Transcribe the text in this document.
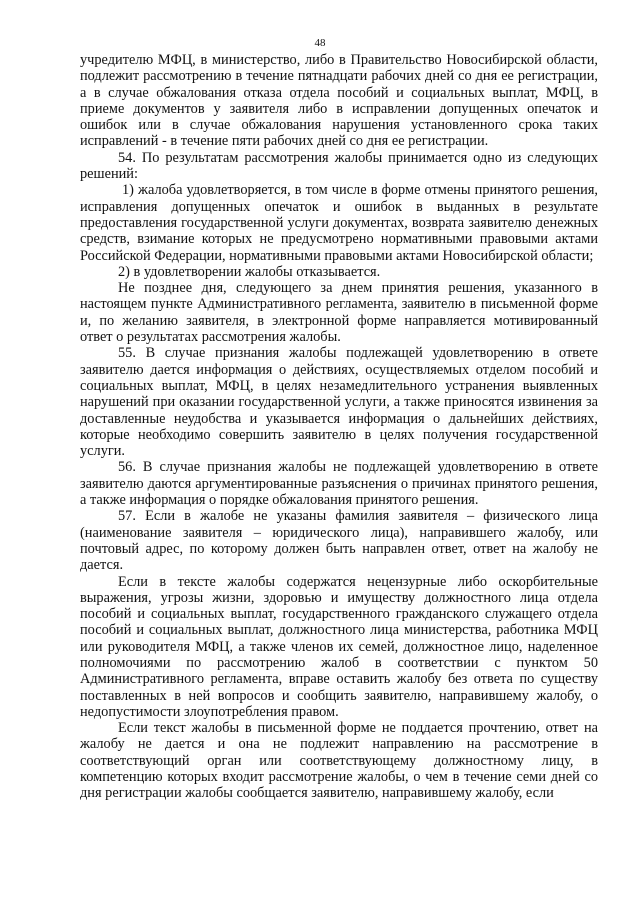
48

учредителю МФЦ, в министерство, либо в Правительство Новосибирской области, подлежит рассмотрению в течение пятнадцати рабочих дней со дня ее регистрации, а в случае обжалования отказа отдела пособий и социальных выплат, МФЦ, в приеме документов у заявителя либо в исправлении допущенных опечаток и ошибок или в случае обжалования нарушения установленного срока таких исправлений - в течение пяти рабочих дней со дня ее регистрации.

54. По результатам рассмотрения жалобы принимается одно из следующих решений:

1) жалоба удовлетворяется, в том числе в форме отмены принятого решения, исправления допущенных опечаток и ошибок в выданных в результате предоставления государственной услуги документах, возврата заявителю денежных средств, взимание которых не предусмотрено нормативными правовыми актами Российской Федерации, нормативными правовыми актами Новосибирской области;

2) в удовлетворении жалобы отказывается.

Не позднее дня, следующего за днем принятия решения, указанного в настоящем пункте Административного регламента, заявителю в письменной форме и, по желанию заявителя, в электронной форме направляется мотивированный ответ о результатах рассмотрения жалобы.

55. В случае признания жалобы подлежащей удовлетворению в ответе заявителю дается информация о действиях, осуществляемых отделом пособий и социальных выплат, МФЦ, в целях незамедлительного устранения выявленных нарушений при оказании государственной услуги, а также приносятся извинения за доставленные неудобства и указывается информация о дальнейших действиях, которые необходимо совершить заявителю в целях получения государственной услуги.

56. В случае признания жалобы не подлежащей удовлетворению в ответе заявителю даются аргументированные разъяснения о причинах принятого решения, а также информация о порядке обжалования принятого решения.

57. Если в жалобе не указаны фамилия заявителя – физического лица (наименование заявителя – юридического лица), направившего жалобу, или почтовый адрес, по которому должен быть направлен ответ, ответ на жалобу не дается.

Если в тексте жалобы содержатся нецензурные либо оскорбительные выражения, угрозы жизни, здоровью и имуществу должностного лица отдела пособий и социальных выплат, государственного гражданского служащего отдела пособий и социальных выплат, должностного лица министерства, работника МФЦ или руководителя МФЦ, а также членов их семей, должностное лицо, наделенное полномочиями по рассмотрению жалоб в соответствии с пунктом 50 Административного регламента, вправе оставить жалобу без ответа по существу поставленных в ней вопросов и сообщить заявителю, направившему жалобу, о недопустимости злоупотребления правом.

Если текст жалобы в письменной форме не поддается прочтению, ответ на жалобу не дается и она не подлежит направлению на рассмотрение в соответствующий орган или соответствующему должностному лицу, в компетенцию которых входит рассмотрение жалобы, о чем в течение семи дней со дня регистрации жалобы сообщается заявителю, направившему жалобу, если
